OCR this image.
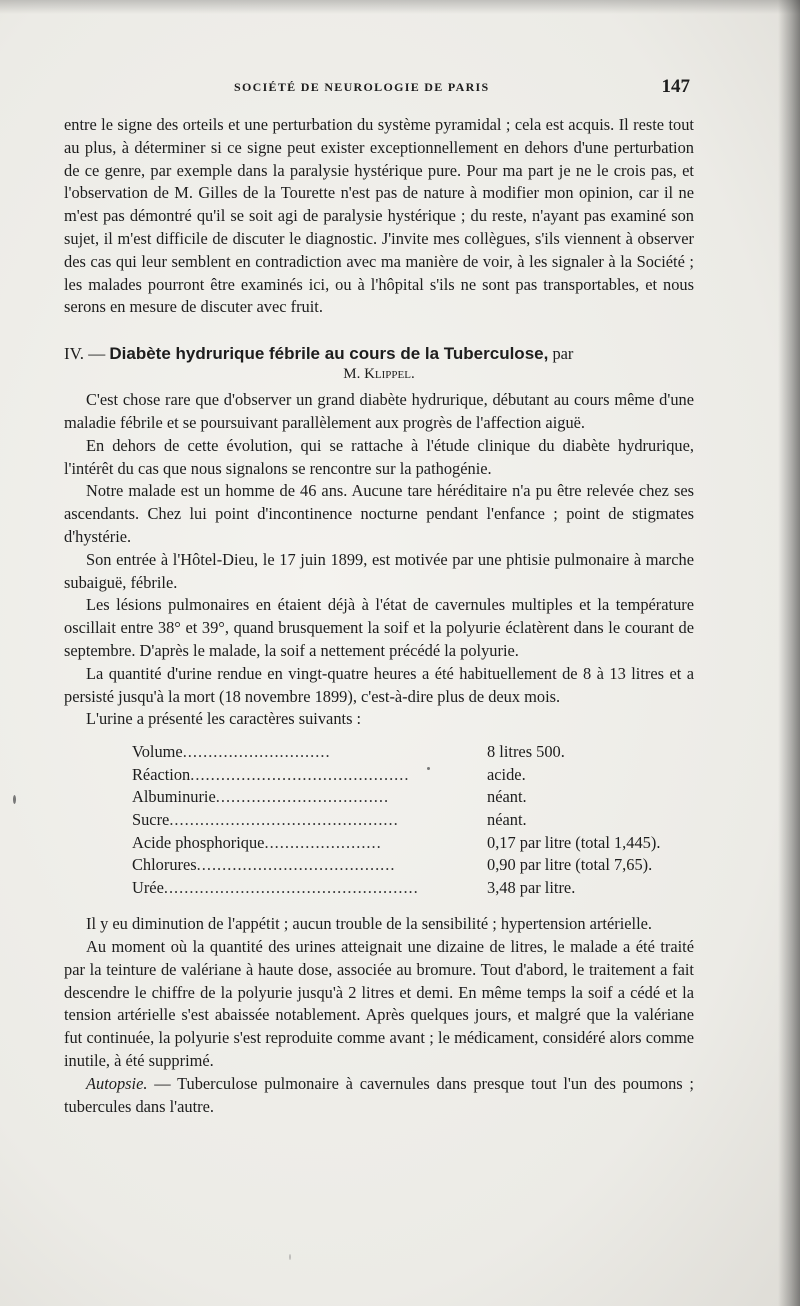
SOCIÉTÉ DE NEUROLOGIE DE PARIS	147

entre le signe des orteils et une perturbation du système pyramidal ; cela est acquis. Il reste tout au plus, à déterminer si ce signe peut exister exceptionnellement en dehors d'une perturbation de ce genre, par exemple dans la paralysie hystérique pure. Pour ma part je ne le crois pas, et l'observation de M. Gilles de la Tourette n'est pas de nature à modifier mon opinion, car il ne m'est pas démontré qu'il se soit agi de paralysie hystérique ; du reste, n'ayant pas examiné son sujet, il m'est difficile de discuter le diagnostic. J'invite mes collègues, s'ils viennent à observer des cas qui leur semblent en contradiction avec ma manière de voir, à les signaler à la Société ; les malades pourront être examinés ici, ou à l'hôpital s'ils ne sont pas transportables, et nous serons en mesure de discuter avec fruit.

IV. — Diabète hydrurique fébrile au cours de la Tuberculose, par
M. Klippel.

C'est chose rare que d'observer un grand diabète hydrurique, débutant au cours même d'une maladie fébrile et se poursuivant parallèlement aux progrès de l'affection aiguë.

En dehors de cette évolution, qui se rattache à l'étude clinique du diabète hydrurique, l'intérêt du cas que nous signalons se rencontre sur la pathogénie.

Notre malade est un homme de 46 ans. Aucune tare héréditaire n'a pu être relevée chez ses ascendants. Chez lui point d'incontinence nocturne pendant l'enfance ; point de stigmates d'hystérie.

Son entrée à l'Hôtel-Dieu, le 17 juin 1899, est motivée par une phtisie pulmonaire à marche subaiguë, fébrile.

Les lésions pulmonaires en étaient déjà à l'état de cavernules multiples et la température oscillait entre 38° et 39°, quand brusquement la soif et la polyurie éclatèrent dans le courant de septembre. D'après le malade, la soif a nettement précédé la polyurie.

La quantité d'urine rendue en vingt-quatre heures a été habituellement de 8 à 13 litres et a persisté jusqu'à la mort (18 novembre 1899), c'est-à-dire plus de deux mois.

L'urine a présenté les caractères suivants :

Volume.............................	8 litres 500.
Réaction...........................................	acide.
Albuminurie..................................	néant.
Sucre.............................................	néant.
Acide phosphorique.......................	0,17 par litre (total 1,445).
Chlorures.......................................	0,90 par litre (total 7,65).
Urée..................................................	3,48 par litre.

Il y eu diminution de l'appétit ; aucun trouble de la sensibilité ; hypertension artérielle.

Au moment où la quantité des urines atteignait une dizaine de litres, le malade a été traité par la teinture de valériane à haute dose, associée au bromure. Tout d'abord, le traitement a fait descendre le chiffre de la polyurie jusqu'à 2 litres et demi. En même temps la soif a cédé et la tension artérielle s'est abaissée notablement. Après quelques jours, et malgré que la valériane fut continuée, la polyurie s'est reproduite comme avant ; le médicament, considéré alors comme inutile, à été supprimé.

Autopsie. — Tuberculose pulmonaire à cavernules dans presque tout l'un des poumons ; tubercules dans l'autre.
